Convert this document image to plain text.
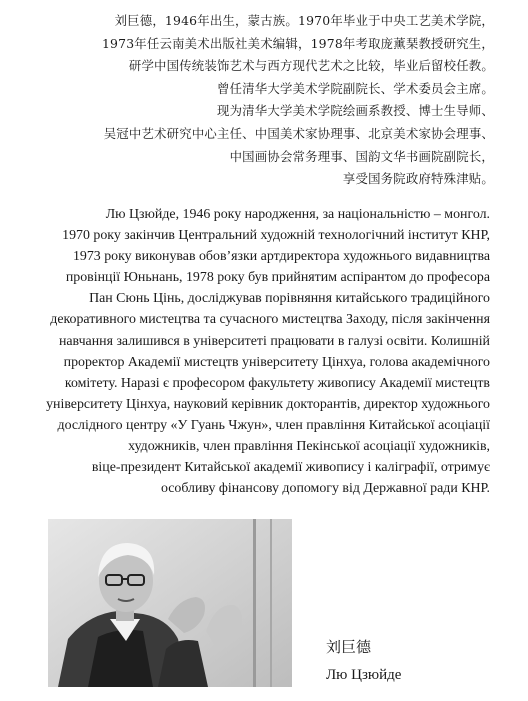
刘巨德，1946年出生，蒙古族。1970年毕业于中央工艺美术学院，
1973年任云南美术出版社美术编辑，1978年考取庞薰琹教授研究生，
研学中国传统装饰艺术与西方现代艺术之比较，毕业后留校任教。
曾任清华大学美术学院副院长、学术委员会主席。
现为清华大学美术学院绘画系教授、博士生导师、
吴冠中艺术研究中心主任、中国美术家协理事、北京美术家协会理事、
中国画协会常务理事、国韵文华书画院副院长，
享受国务院政府特殊津贴。
Лю Цзюйде, 1946 року народження, за національністю – монгол.
1970 року закінчив Центральний художній технологічний інститут КНР,
1973 року виконував обов’язки артдиректора художнього видавництва
провінції Юньнань, 1978 року був прийнятим аспірантом до професора
Пан Сюнь Цінь, досліджував порівняння китайського традиційного
декоративного мистецтва та сучасного мистецтва Заходу, після закінчення
навчання залишився в університеті працювати в галузі освіти. Колишній
проректор Академії мистецтв університету Цінхуа, голова академічного
комітету. Наразі є професором факультету живопису Академії мистецтв
університету Цінхуа, науковий керівник докторантів, директор художнього
дослідного центру «У Гуань Чжун», член правління Китайської асоціації
художників, член правління Пекінської асоціації художників,
віце-президент Китайської академії живопису і каліграфії, отримує
особливу фінансову допомогу від Державної ради КНР.
刘巨德
Лю Цзюйде
